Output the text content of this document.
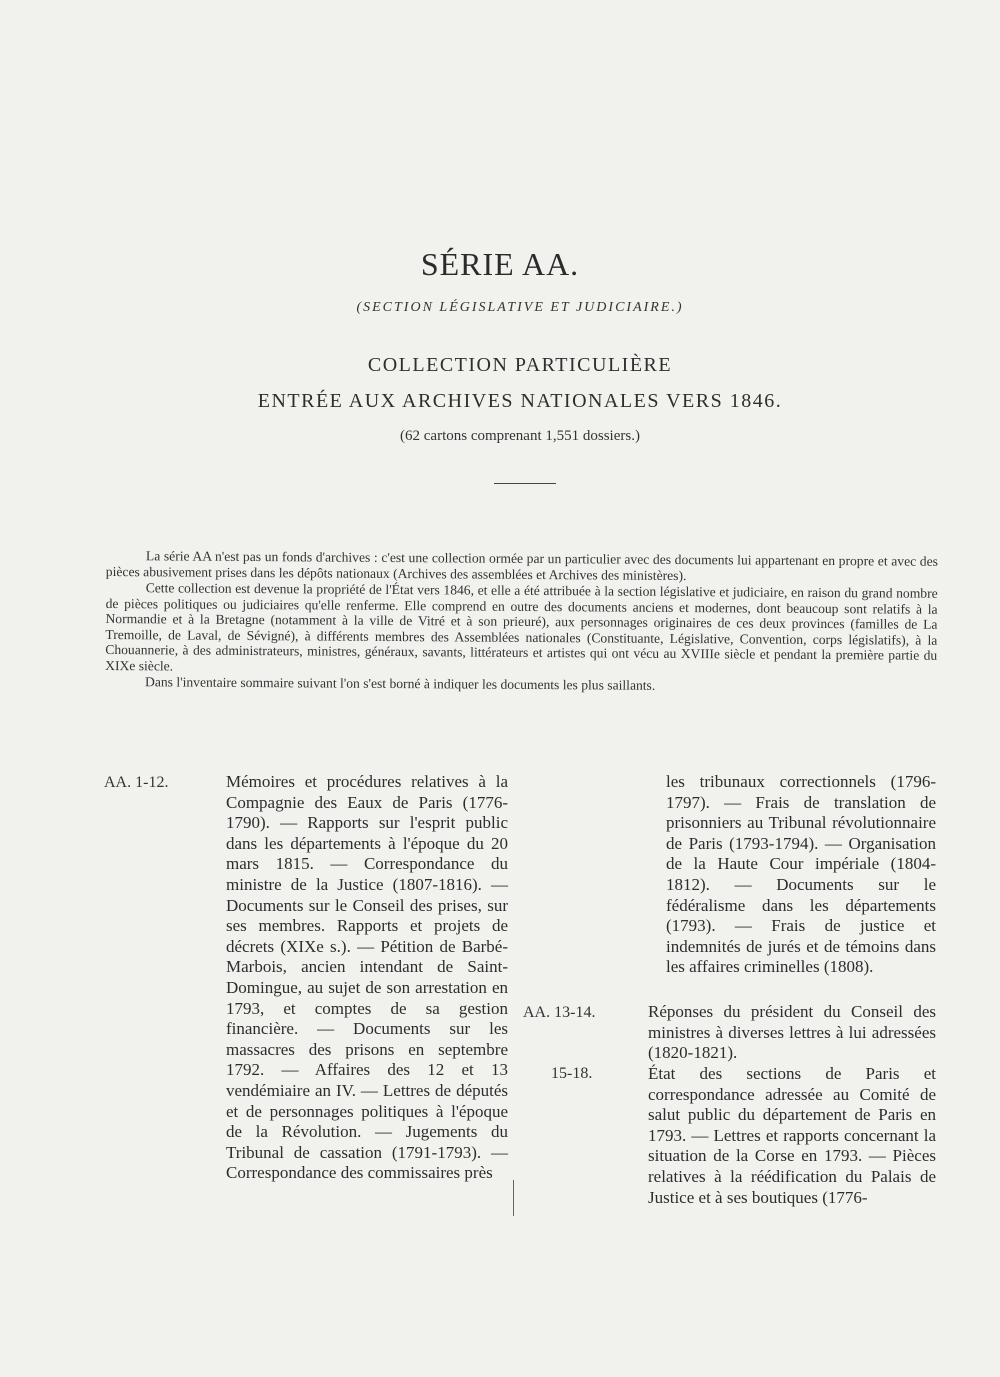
SÉRIE AA.
(SECTION LÉGISLATIVE ET JUDICIAIRE.)
COLLECTION PARTICULIÈRE
ENTRÉE AUX ARCHIVES NATIONALES VERS 1846.
(62 cartons comprenant 1,551 dossiers.)

La série AA n'est pas un fonds d'archives : c'est une collection ormée par un particulier avec des documents lui appartenant en propre et avec des pièces abusivement prises dans les dépôts nationaux (Archives des assemblées et Archives des ministères).

Cette collection est devenue la propriété de l'État vers 1846, et elle a été attribuée à la section législative et judiciaire, en raison du grand nombre de pièces politiques ou judiciaires qu'elle renferme. Elle comprend en outre des documents anciens et modernes, dont beaucoup sont relatifs à la Normandie et à la Bretagne (notamment à la ville de Vitré et à son prieuré), aux personnages originaires de ces deux provinces (familles de La Tremoille, de Laval, de Sévigné), à différents membres des Assemblées nationales (Constituante, Législative, Convention, corps législatifs), à la Chouannerie, à des administrateurs, ministres, généraux, savants, littérateurs et artistes qui ont vécu au XVIIIe siècle et pendant la première partie du XIXe siècle.

Dans l'inventaire sommaire suivant l'on s'est borné à indiquer les documents les plus saillants.

AA. 1-12.	Mémoires et procédures relatives à la Compagnie des Eaux de Paris (1776-1790). — Rapports sur l'esprit public dans les départements à l'époque du 20 mars 1815. — Correspondance du ministre de la Justice (1807-1816). — Documents sur le Conseil des prises, sur ses membres. Rapports et projets de décrets (XIXe s.). — Pétition de Barbé-Marbois, ancien intendant de Saint-Domingue, au sujet de son arrestation en 1793, et comptes de sa gestion financière. — Documents sur les massacres des prisons en septembre 1792. — Affaires des 12 et 13 vendémiaire an IV. — Lettres de députés et de personnages politiques à l'époque de la Révolution. — Jugements du Tribunal de cassation (1791-1793). — Correspondance des commissaires près
les tribunaux correctionnels (1796-1797). — Frais de translation de prisonniers au Tribunal révolutionnaire de Paris (1793-1794). — Organisation de la Haute Cour impériale (1804-1812). — Documents sur le fédéralisme dans les départements (1793). — Frais de justice et indemnités de jurés et de témoins dans les affaires criminelles (1808).
AA. 13-14.	Réponses du président du Conseil des ministres à diverses lettres à lui adressées (1820-1821).
15-18.	État des sections de Paris et correspondance adressée au Comité de salut public du département de Paris en 1793. — Lettres et rapports concernant la situation de la Corse en 1793. — Pièces relatives à la réédification du Palais de Justice et à ses boutiques (1776-
